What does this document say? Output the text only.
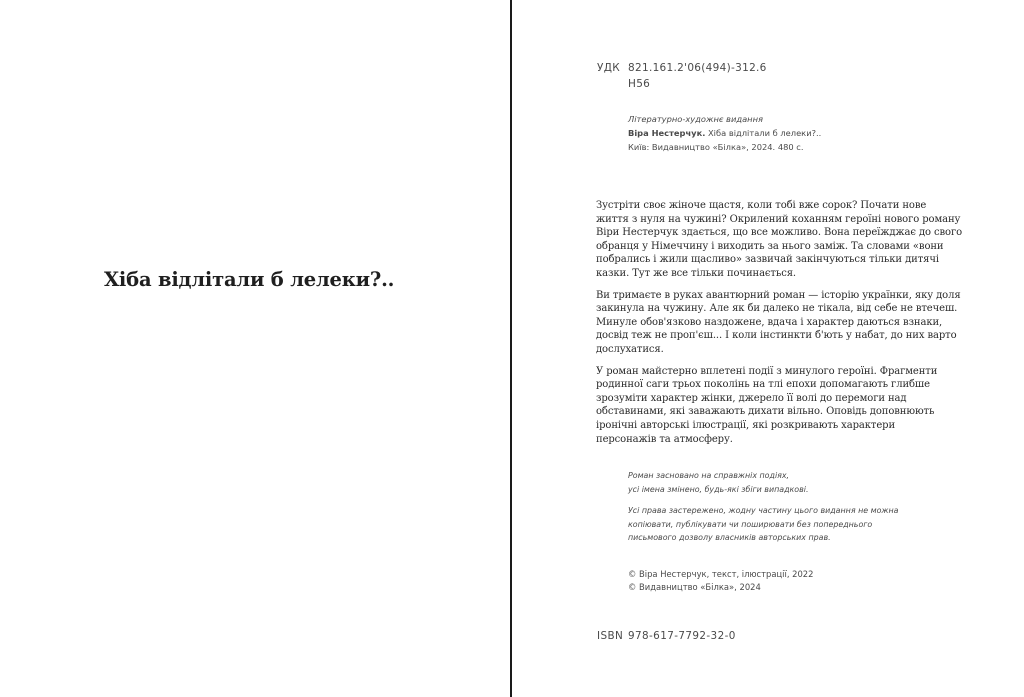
Хіба відлітали б лелеки?..
УДК 821.161.2'06(494)-312.6
Н56
Літературно-художнє видання
Віра Нестерчук. Хіба відлітали б лелеки?..
Київ: Видавництво «Білка», 2024. 480 с.

Зустріти своє жіноче щастя, коли тобі вже сорок? Почати нове
життя з нуля на чужині? Окрилений коханням героїні нового роману
Віри Нестерчук здається, що все можливо. Вона переїжджає до свого
обранця у Німеччину і виходить за нього заміж. Та словами «вони
побрались і жили щасливо» зазвичай закінчуються тільки дитячі
казки. Тут же все тільки починається.

Ви тримаєте в руках авантюрний роман — історію українки, яку доля
закинула на чужину. Але як би далеко не тікала, від себе не втечеш.
Минуле обов'язково наздожене, вдача і характер даються взнаки,
досвід теж не проп'єш... І коли інстинкти б'ють у набат, до них варто
дослухатися.

У роман майстерно вплетені події з минулого героїні. Фрагменти
родинної саги трьох поколінь на тлі епохи допомагають глибше
зрозуміти характер жінки, джерело її волі до перемоги над
обставинами, які заважають дихати вільно. Оповідь доповнюють
іронічні авторські ілюстрації, які розкривають характери
персонажів та атмосферу.

Роман засновано на справжніх подіях,
усі імена змінено, будь-які збіги випадкові.
Усі права застережено, жодну частину цього видання не можна
копіювати, публікувати чи поширювати без попереднього
письмового дозволу власників авторських прав.
© Віра Нестерчук, текст, ілюстрації, 2022
© Видавництво «Білка», 2024
ISBN 978-617-7792-32-0
